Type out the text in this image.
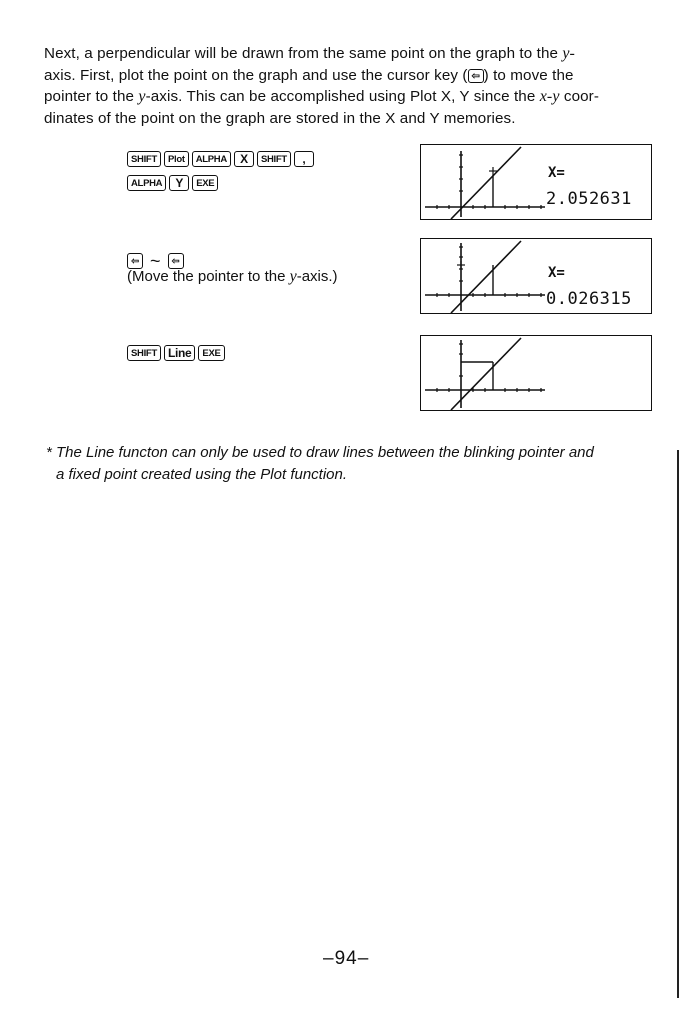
Next, a perpendicular will be drawn from the same point on the graph to the y-
axis. First, plot the point on the graph and use the cursor key ( ⇦ ) to move the
pointer to the y-axis. This can be accomplished using Plot X, Y since the x-y coor-
dinates of the point on the graph are stored in the X and Y memories.
SHIFT	Plot	ALPHA	X	SHIFT	,
ALPHA	Y	EXE
X=
2.052631
⇦ ~	⇦
(Move the pointer to the y-axis.)	X=
0.026315
SHIFT Line	EXE
* The Line functon can only be used to draw lines between the blinking pointer and
a fixed point created using the Plot function.
–94–
